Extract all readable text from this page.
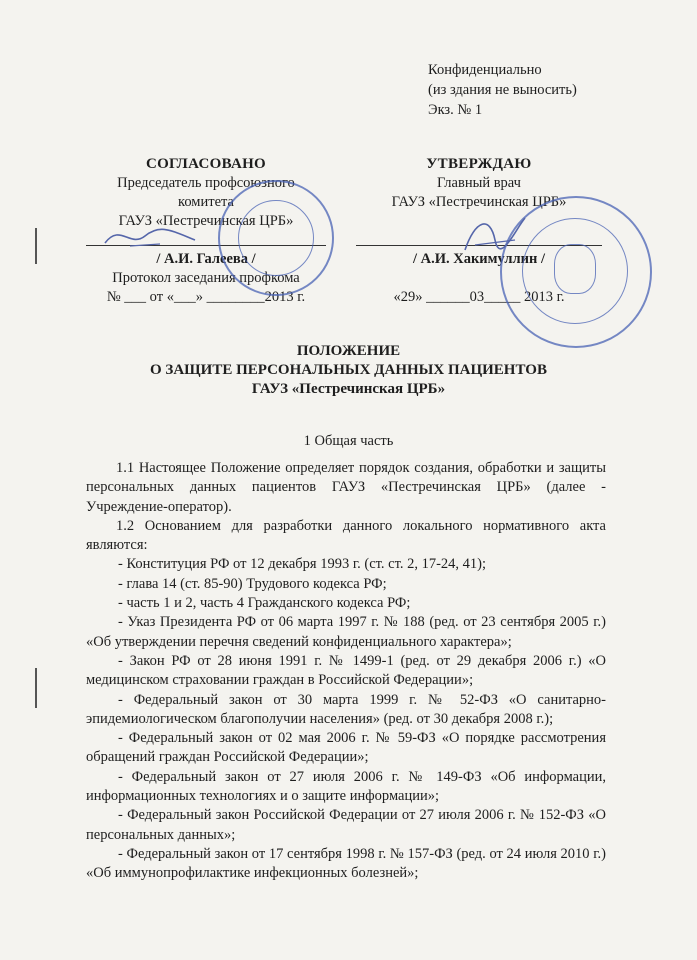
Конфиденциально
(из здания не выносить)
Экз. № 1
СОГЛАСОВАНО
Председатель профсоюзного
комитета
ГАУЗ «Пестречинская ЦРБ»
/ А.И. Галеева /
Протокол заседания профкома
№ ___ от «___» ________2013 г.
УТВЕРЖДАЮ
Главный врач
ГАУЗ «Пестречинская ЦРБ»
/ А.И. Хакимуллин /
«29» ______03_____ 2013 г.
ПОЛОЖЕНИЕ
О ЗАЩИТЕ ПЕРСОНАЛЬНЫХ ДАННЫХ ПАЦИЕНТОВ
ГАУЗ «Пестречинская ЦРБ»
1 Общая часть

1.1 Настоящее Положение определяет порядок создания, обработки и защиты персональных данных пациентов ГАУЗ «Пестречинская ЦРБ» (далее - Учреждение-оператор).

1.2 Основанием для разработки данного локального нормативного акта являются:

- Конституция РФ от 12 декабря 1993 г. (ст. ст. 2, 17-24, 41);

- глава 14 (ст. 85-90) Трудового кодекса РФ;

- часть 1 и 2, часть 4 Гражданского кодекса РФ;

- Указ Президента РФ от 06 марта 1997 г. № 188 (ред. от 23 сентября 2005 г.) «Об утверждении перечня сведений конфиденциального характера»;

- Закон РФ от 28 июня 1991 г. № 1499-1 (ред. от 29 декабря 2006 г.) «О медицинском страховании граждан в Российской Федерации»;

- Федеральный закон от 30 марта 1999 г. № 52-ФЗ «О санитарно-эпидемиологическом благополучии населения» (ред. от 30 декабря 2008 г.);

- Федеральный закон от 02 мая 2006 г. № 59-ФЗ «О порядке рассмотрения обращений граждан Российской Федерации»;

- Федеральный закон от 27 июля 2006 г. № 149-ФЗ «Об информации, информационных технологиях и о защите информации»;

- Федеральный закон Российской Федерации от 27 июля 2006 г. № 152-ФЗ «О персональных данных»;

- Федеральный закон от 17 сентября 1998 г. № 157-ФЗ (ред. от 24 июля 2010 г.) «Об иммунопрофилактике инфекционных болезней»;
